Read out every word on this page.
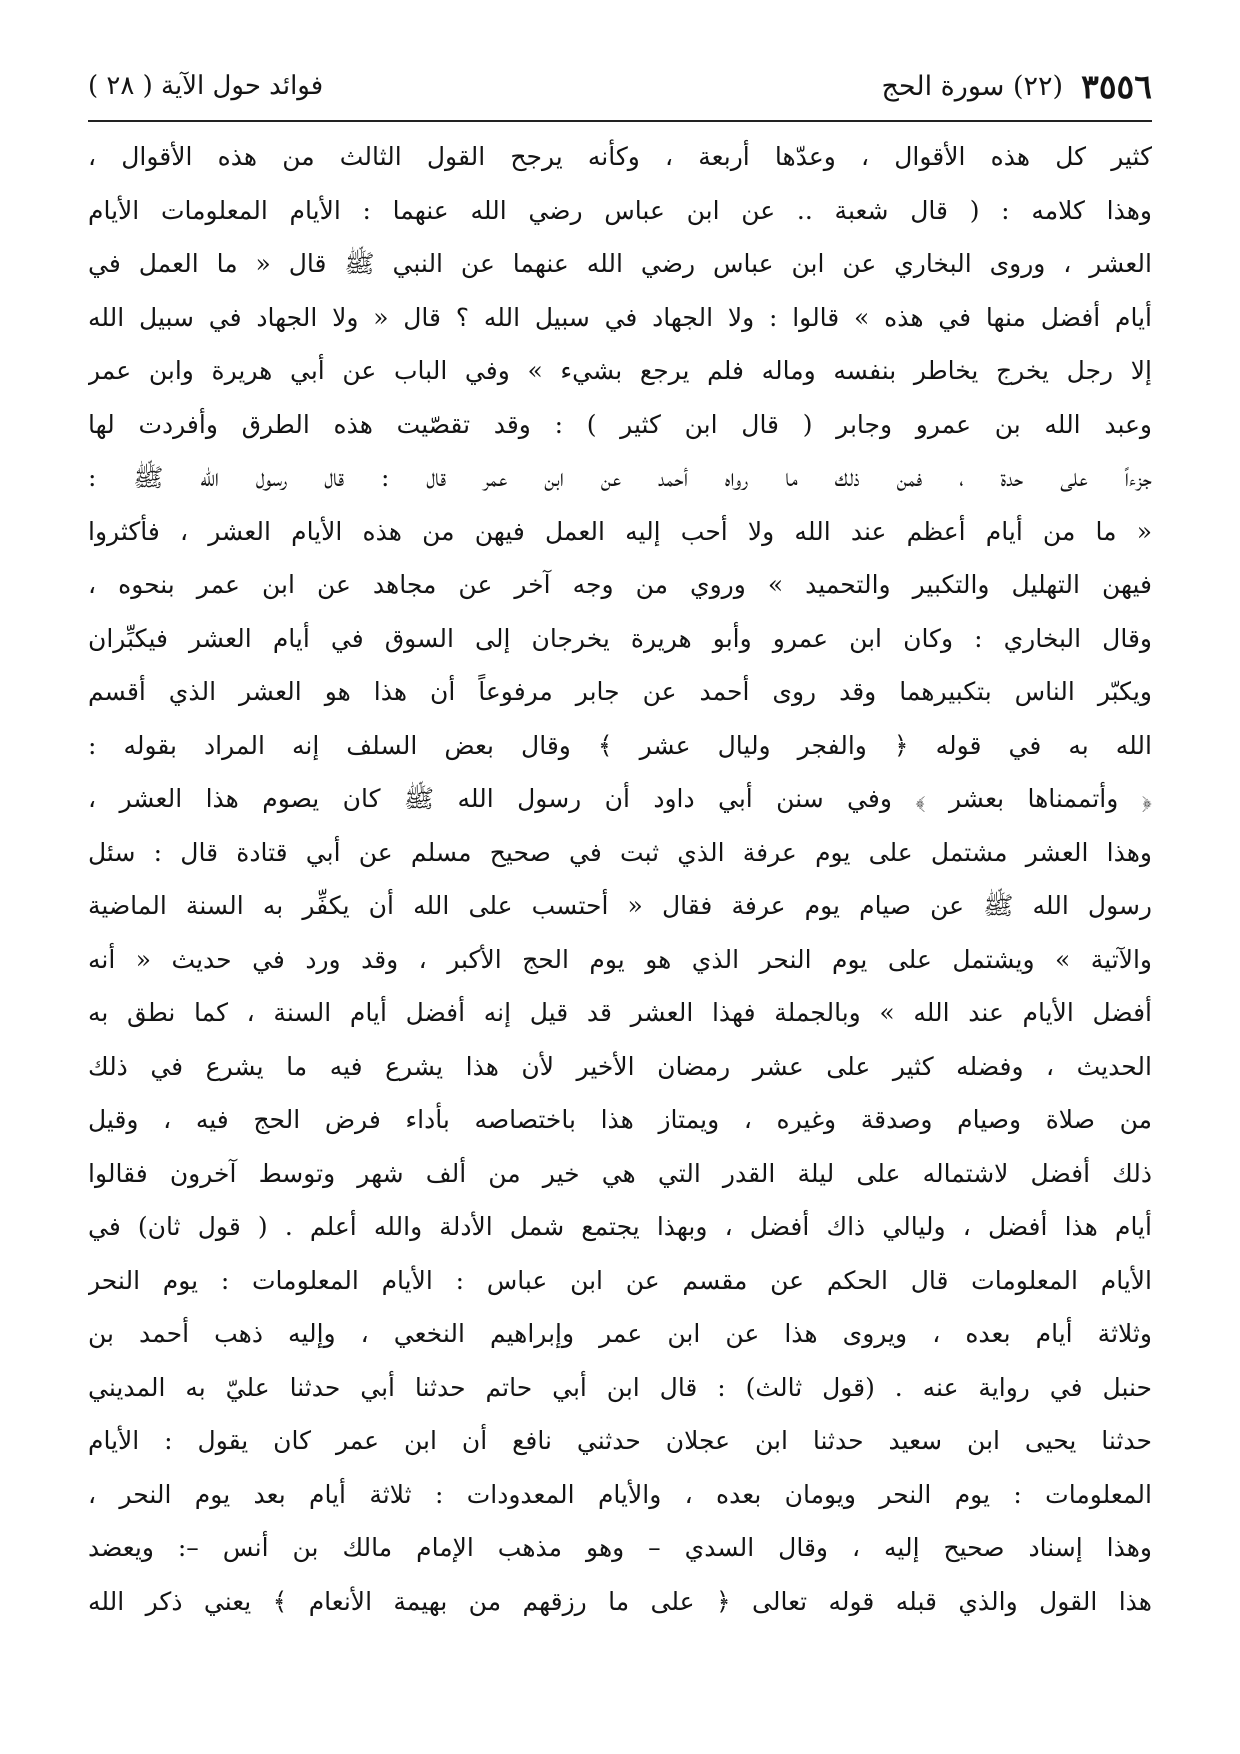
٣٥٥٦
(٢٢) سورة الحج
فوائد حول الآية ( ٢٨ )
كثير كل هذه الأقوال ، وعدّها أربعة ، وكأنه يرجح القول الثالث من هذه الأقوال ،
وهذا كلامه : ( قال شعبة .. عن ابن عباس رضي الله عنهما : الأيام المعلومات الأيام
العشر ، وروى البخاري عن ابن عباس رضي الله عنهما عن النبي ﷺ قال « ما العمل في
أيام أفضل منها في هذه » قالوا : ولا الجهاد في سبيل الله ؟ قال « ولا الجهاد في سبيل الله
إلا رجل يخرج يخاطر بنفسه وماله فلم يرجع بشيء » وفي الباب عن أبي هريرة وابن عمر
وعبد الله بن عمرو وجابر ( قال ابن كثير ) : وقد تقصّيت هذه الطرق وأفردت لها
جزءاً على حدة ، فمن ذلك ما رواه أحمد عن ابن عمر قال : قال رسول الله ﷺ :
« ما من أيام أعظم عند الله ولا أحب إليه العمل فيهن من هذه الأيام العشر ، فأكثروا
فيهن التهليل والتكبير والتحميد » وروي من وجه آخر عن مجاهد عن ابن عمر بنحوه ،
وقال البخاري : وكان ابن عمرو وأبو هريرة يخرجان إلى السوق في أيام العشر فيكبِّران
ويكبّر الناس بتكبيرهما وقد روى أحمد عن جابر مرفوعاً أن هذا هو العشر الذي أقسم
الله به في قوله ﴿ والفجر وليال عشر ﴾ وقال بعض السلف إنه المراد بقوله :
﴿ وأتممناها بعشر ﴾ وفي سنن أبي داود أن رسول الله ﷺ كان يصوم هذا العشر ،
وهذا العشر مشتمل على يوم عرفة الذي ثبت في صحيح مسلم عن أبي قتادة قال : سئل
رسول الله ﷺ عن صيام يوم عرفة فقال « أحتسب على الله أن يكفِّر به السنة الماضية
والآتية » ويشتمل على يوم النحر الذي هو يوم الحج الأكبر ، وقد ورد في حديث « أنه
أفضل الأيام عند الله » وبالجملة فهذا العشر قد قيل إنه أفضل أيام السنة ، كما نطق به
الحديث ، وفضله كثير على عشر رمضان الأخير لأن هذا يشرع فيه ما يشرع في ذلك
من صلاة وصيام وصدقة وغيره ، ويمتاز هذا باختصاصه بأداء فرض الحج فيه ، وقيل
ذلك أفضل لاشتماله على ليلة القدر التي هي خير من ألف شهر وتوسط آخرون فقالوا
أيام هذا أفضل ، وليالي ذاك أفضل ، وبهذا يجتمع شمل الأدلة والله أعلم . ( قول ثان) في
الأيام المعلومات قال الحكم عن مقسم عن ابن عباس : الأيام المعلومات : يوم النحر
وثلاثة أيام بعده ، ويروى هذا عن ابن عمر وإبراهيم النخعي ، وإليه ذهب أحمد بن
حنبل في رواية عنه . (قول ثالث) : قال ابن أبي حاتم حدثنا أبي حدثنا عليّ به المديني
حدثنا يحيى ابن سعيد حدثنا ابن عجلان حدثني نافع أن ابن عمر كان يقول : الأيام
المعلومات : يوم النحر ويومان بعده ، والأيام المعدودات : ثلاثة أيام بعد يوم النحر ،
وهذا إسناد صحيح إليه ، وقال السدي – وهو مذهب الإمام مالك بن أنس –: ويعضد
هذا القول والذي قبله قوله تعالى ﴿ على ما رزقهم من بهيمة الأنعام ﴾ يعني ذكر الله
